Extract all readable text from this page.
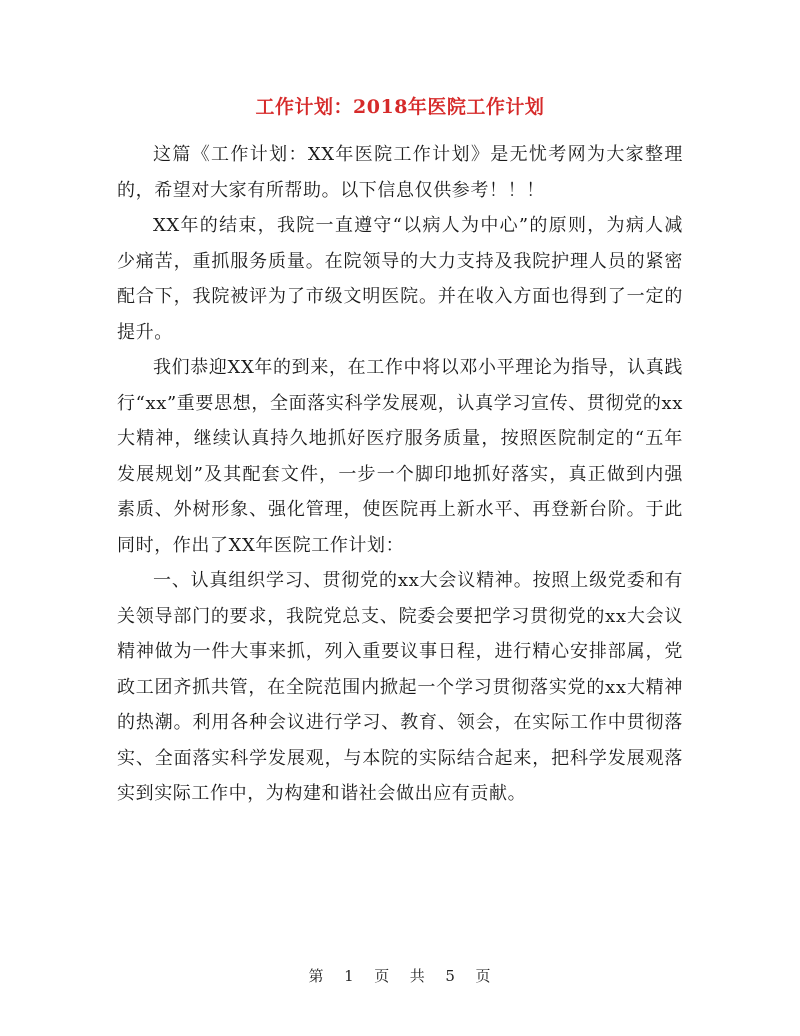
工作计划：2018年医院工作计划

这篇《工作计划：XX年医院工作计划》是无忧考网为大家整理的，希望对大家有所帮助。以下信息仅供参考！！！

XX年的结束，我院一直遵守“以病人为中心”的原则，为病人减少痛苦，重抓服务质量。在院领导的大力支持及我院护理人员的紧密配合下，我院被评为了市级文明医院。并在收入方面也得到了一定的提升。

我们恭迎XX年的到来，在工作中将以邓小平理论为指导，认真践行“xx”重要思想，全面落实科学发展观，认真学习宣传、贯彻党的xx大精神，继续认真持久地抓好医疗服务质量，按照医院制定的“五年发展规划”及其配套文件，一步一个脚印地抓好落实，真正做到内强素质、外树形象、强化管理，使医院再上新水平、再登新台阶。于此同时，作出了XX年医院工作计划：

一、认真组织学习、贯彻党的xx大会议精神。按照上级党委和有关领导部门的要求，我院党总支、院委会要把学习贯彻党的xx大会议精神做为一件大事来抓，列入重要议事日程，进行精心安排部属，党政工团齐抓共管，在全院范围内掀起一个学习贯彻落实党的xx大精神的热潮。利用各种会议进行学习、教育、领会，在实际工作中贯彻落实、全面落实科学发展观，与本院的实际结合起来，把科学发展观落实到实际工作中，为构建和谐社会做出应有贡献。

第 1 页 共 5 页
